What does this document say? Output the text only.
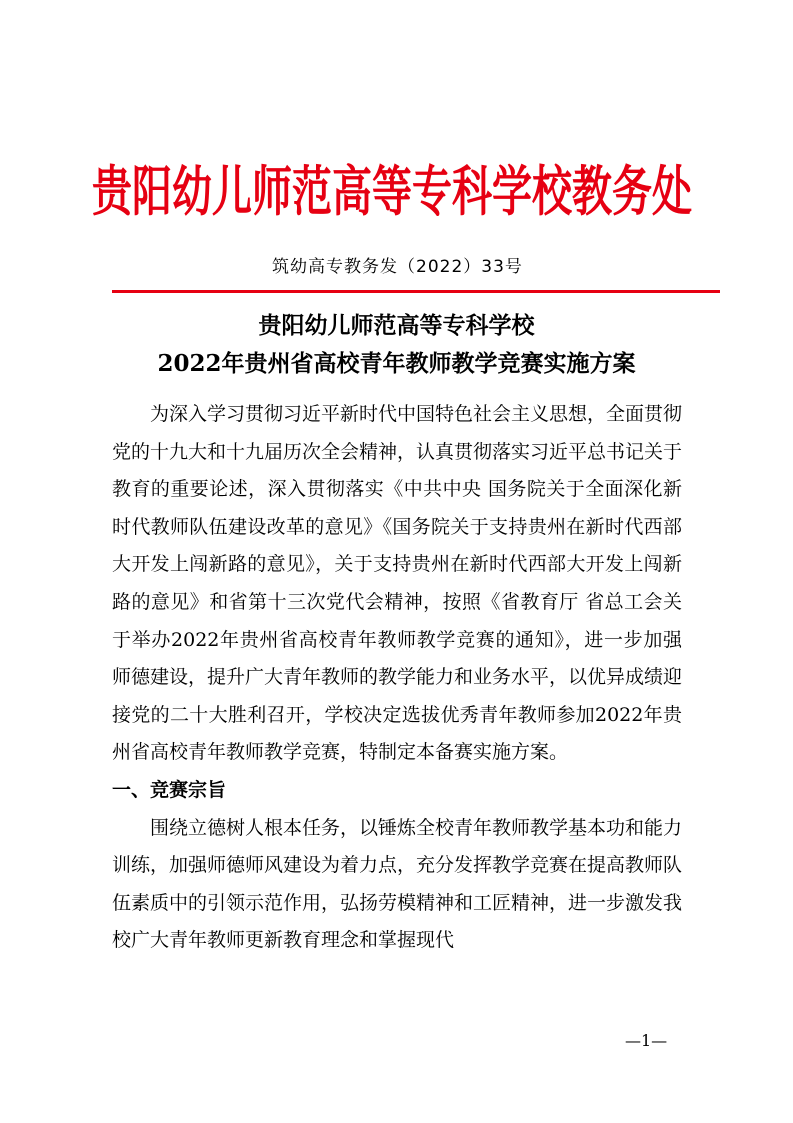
贵阳幼儿师范高等专科学校教务处
筑幼高专教务发（2022）33号
贵阳幼儿师范高等专科学校
2022年贵州省高校青年教师教学竞赛实施方案

为深入学习贯彻习近平新时代中国特色社会主义思想，全面贯彻党的十九大和十九届历次全会精神，认真贯彻落实习近平总书记关于教育的重要论述，深入贯彻落实《中共中央 国务院关于全面深化新时代教师队伍建设改革的意见》《国务院关于支持贵州在新时代西部大开发上闯新路的意见》，关于支持贵州在新时代西部大开发上闯新路的意见》和省第十三次党代会精神，按照《省教育厅 省总工会关于举办2022年贵州省高校青年教师教学竞赛的通知》，进一步加强师德建设，提升广大青年教师的教学能力和业务水平，以优异成绩迎接党的二十大胜利召开，学校决定选拔优秀青年教师参加2022年贵州省高校青年教师教学竞赛，特制定本备赛实施方案。

一、竞赛宗旨

围绕立德树人根本任务，以锤炼全校青年教师教学基本功和能力训练，加强师德师风建设为着力点，充分发挥教学竞赛在提高教师队伍素质中的引领示范作用，弘扬劳模精神和工匠精神，进一步激发我校广大青年教师更新教育理念和掌握现代

—1—
